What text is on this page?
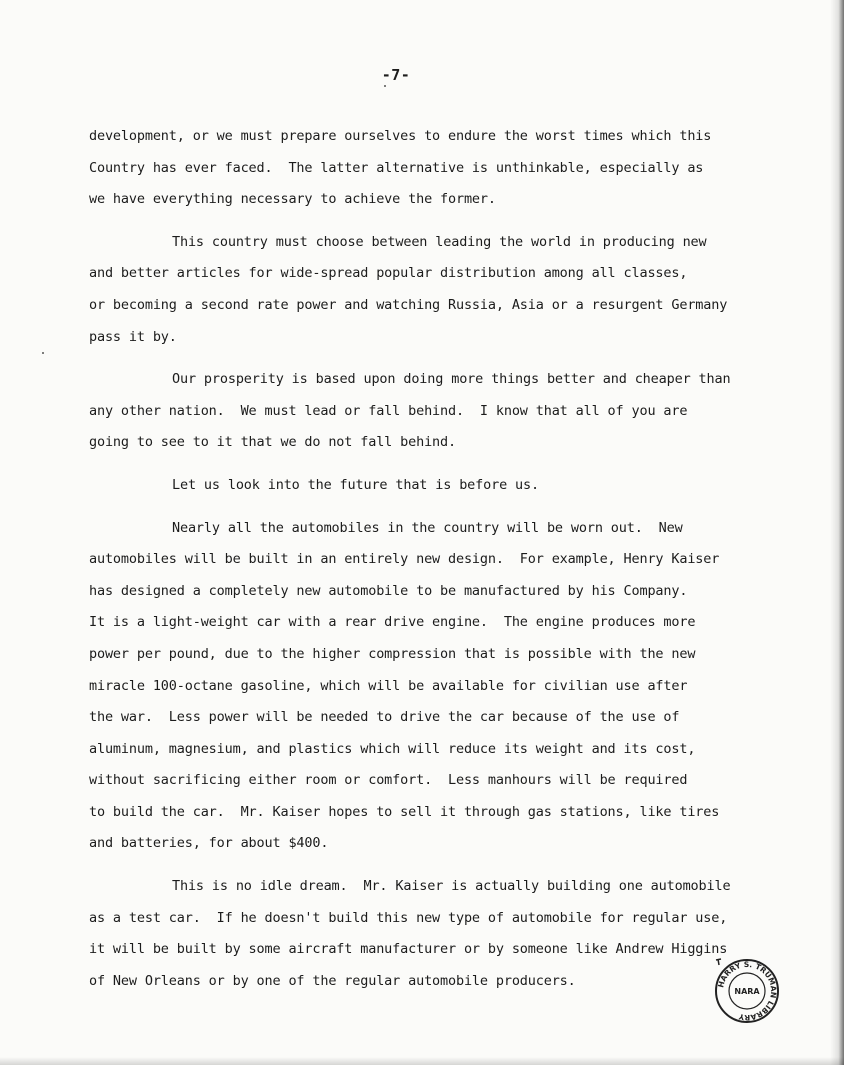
-7-
development, or we must prepare ourselves to endure the worst times which this
Country has ever faced.  The latter alternative is unthinkable, especially as
we have everything necessary to achieve the former.
This country must choose between leading the world in producing new
and better articles for wide-spread popular distribution among all classes,
or becoming a second rate power and watching Russia, Asia or a resurgent Germany
pass it by.
Our prosperity is based upon doing more things better and cheaper than
any other nation.  We must lead or fall behind.  I know that all of you are
going to see to it that we do not fall behind.
Let us look into the future that is before us.
Nearly all the automobiles in the country will be worn out.  New
automobiles will be built in an entirely new design.  For example, Henry Kaiser
has designed a completely new automobile to be manufactured by his Company.
It is a light-weight car with a rear drive engine.  The engine produces more
power per pound, due to the higher compression that is possible with the new
miracle 100-octane gasoline, which will be available for civilian use after
the war.  Less power will be needed to drive the car because of the use of
aluminum, magnesium, and plastics which will reduce its weight and its cost,
without sacrificing either room or comfort.  Less manhours will be required
to build the car.  Mr. Kaiser hopes to sell it through gas stations, like tires
and batteries, for about $400.
This is no idle dream.  Mr. Kaiser is actually building one automobile
as a test car.  If he doesn't build this new type of automobile for regular use,
it will be built by some aircraft manufacturer or by someone like Andrew Higgins
of New Orleans or by one of the regular automobile producers.	HARRY S. TRUMAN LIBRARY
NARA
